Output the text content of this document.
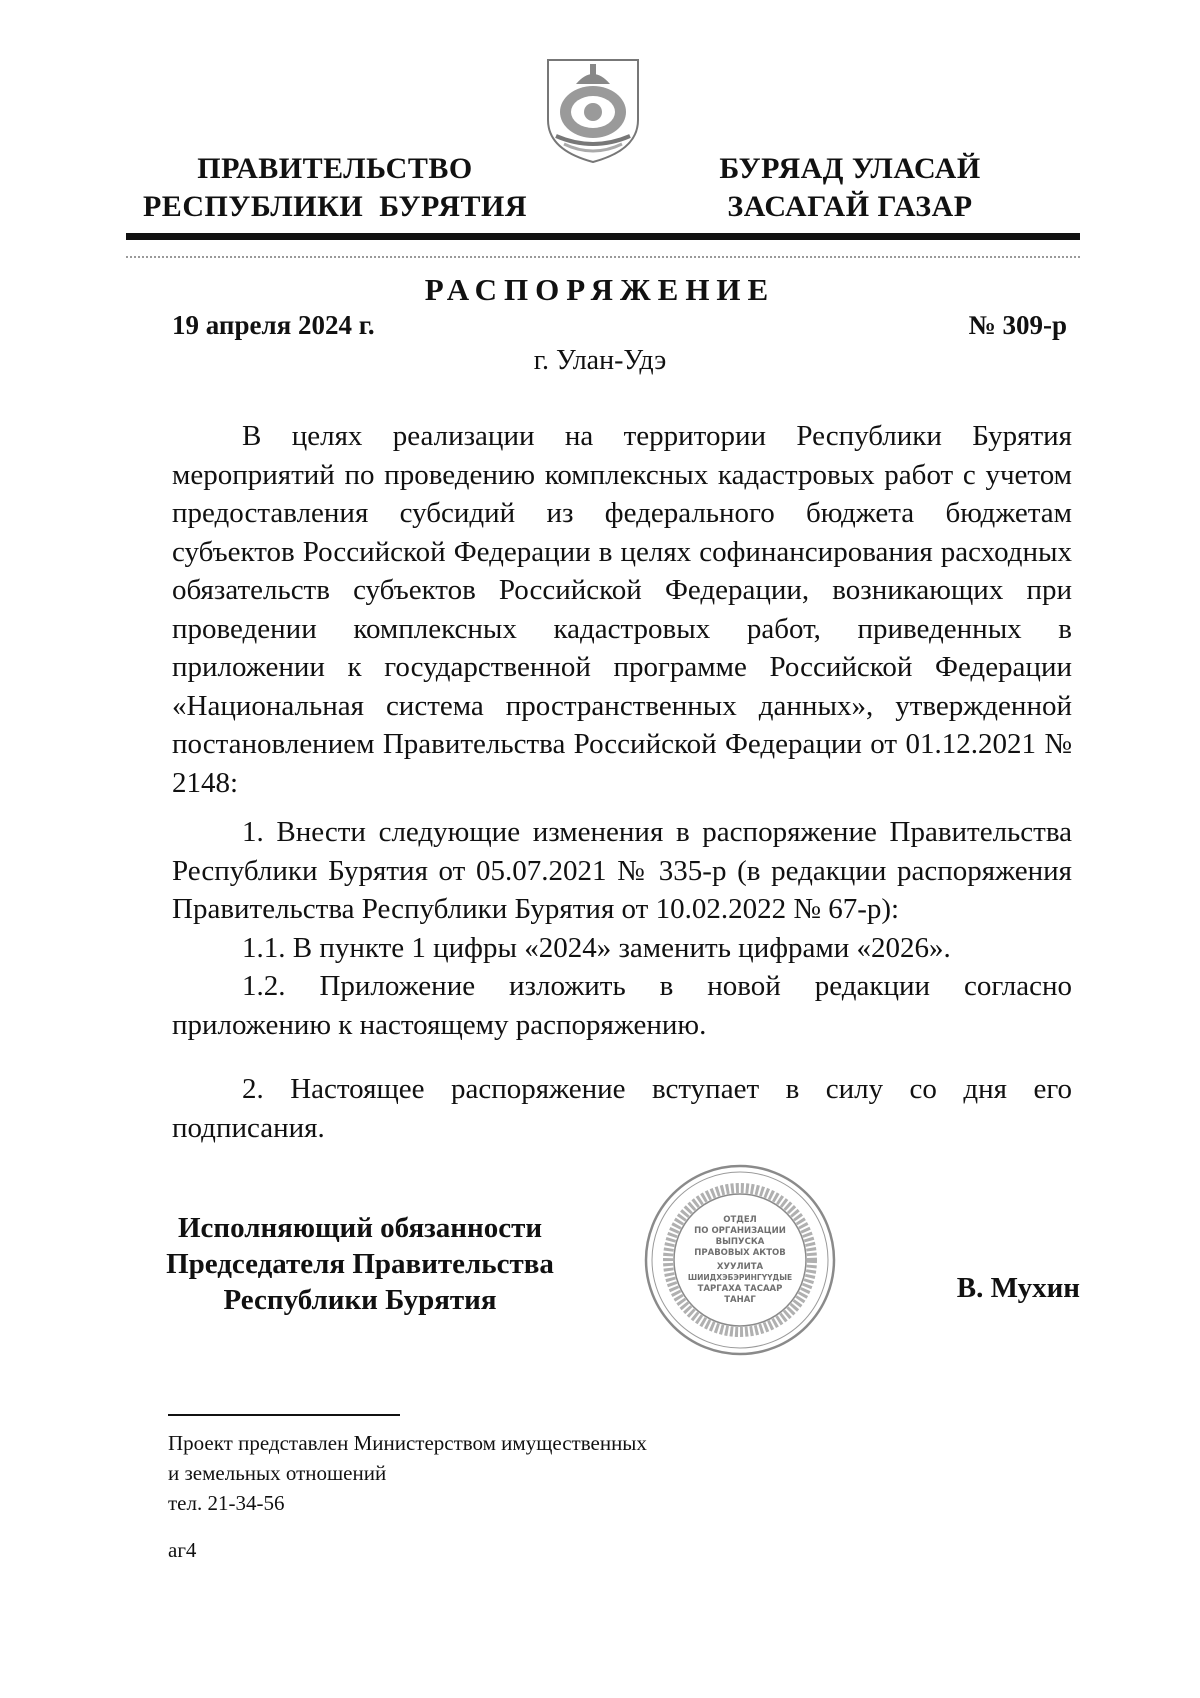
ПРАВИТЕЛЬСТВО
РЕСПУБЛИКИ  БУРЯТИЯ
БУРЯАД УЛАСАЙ
ЗАСАГАЙ ГАЗАР
РАСПОРЯЖЕНИЕ
19 апреля 2024 г.	№ 309-р
г. Улан-Удэ

В целях реализации на территории Республики Бурятия мероприятий по проведению комплексных кадастровых работ с учетом предоставления субсидий из федерального бюджета бюджетам субъектов Российской Федерации в целях софинансирования расходных обязательств субъектов Российской Федерации, возникающих при проведении комплексных кадастровых работ, приведенных в приложении к государственной программе Российской Федерации «Национальная система пространственных данных», утвержденной постановлением Правительства Российской Федерации от 01.12.2021 № 2148:

1. Внести следующие изменения в распоряжение Правительства Республики Бурятия от 05.07.2021 № 335-р (в редакции распоряжения Правительства Республики Бурятия от 10.02.2022 № 67-р):

1.1. В пункте 1 цифры «2024» заменить цифрами «2026».

1.2. Приложение изложить в новой редакции согласно приложению к настоящему распоряжению.

2. Настоящее распоряжение вступает в силу со дня его подписания.

Исполняющий обязанности
Председателя Правительства
Республики Бурятия
ОТДЕЛ
ПО ОРГАНИЗАЦИИ
ВЫПУСКА
ПРАВОВЫХ АКТОВ
ХУУЛИТА
ШИИДХЭБЭРИНГҮҮДЫЕ
ТАРГАХА ТАСААР
ТАНАГ	В. Мухин
Проект представлен Министерством имущественных
и земельных отношений
тел. 21-34-56
аг4
